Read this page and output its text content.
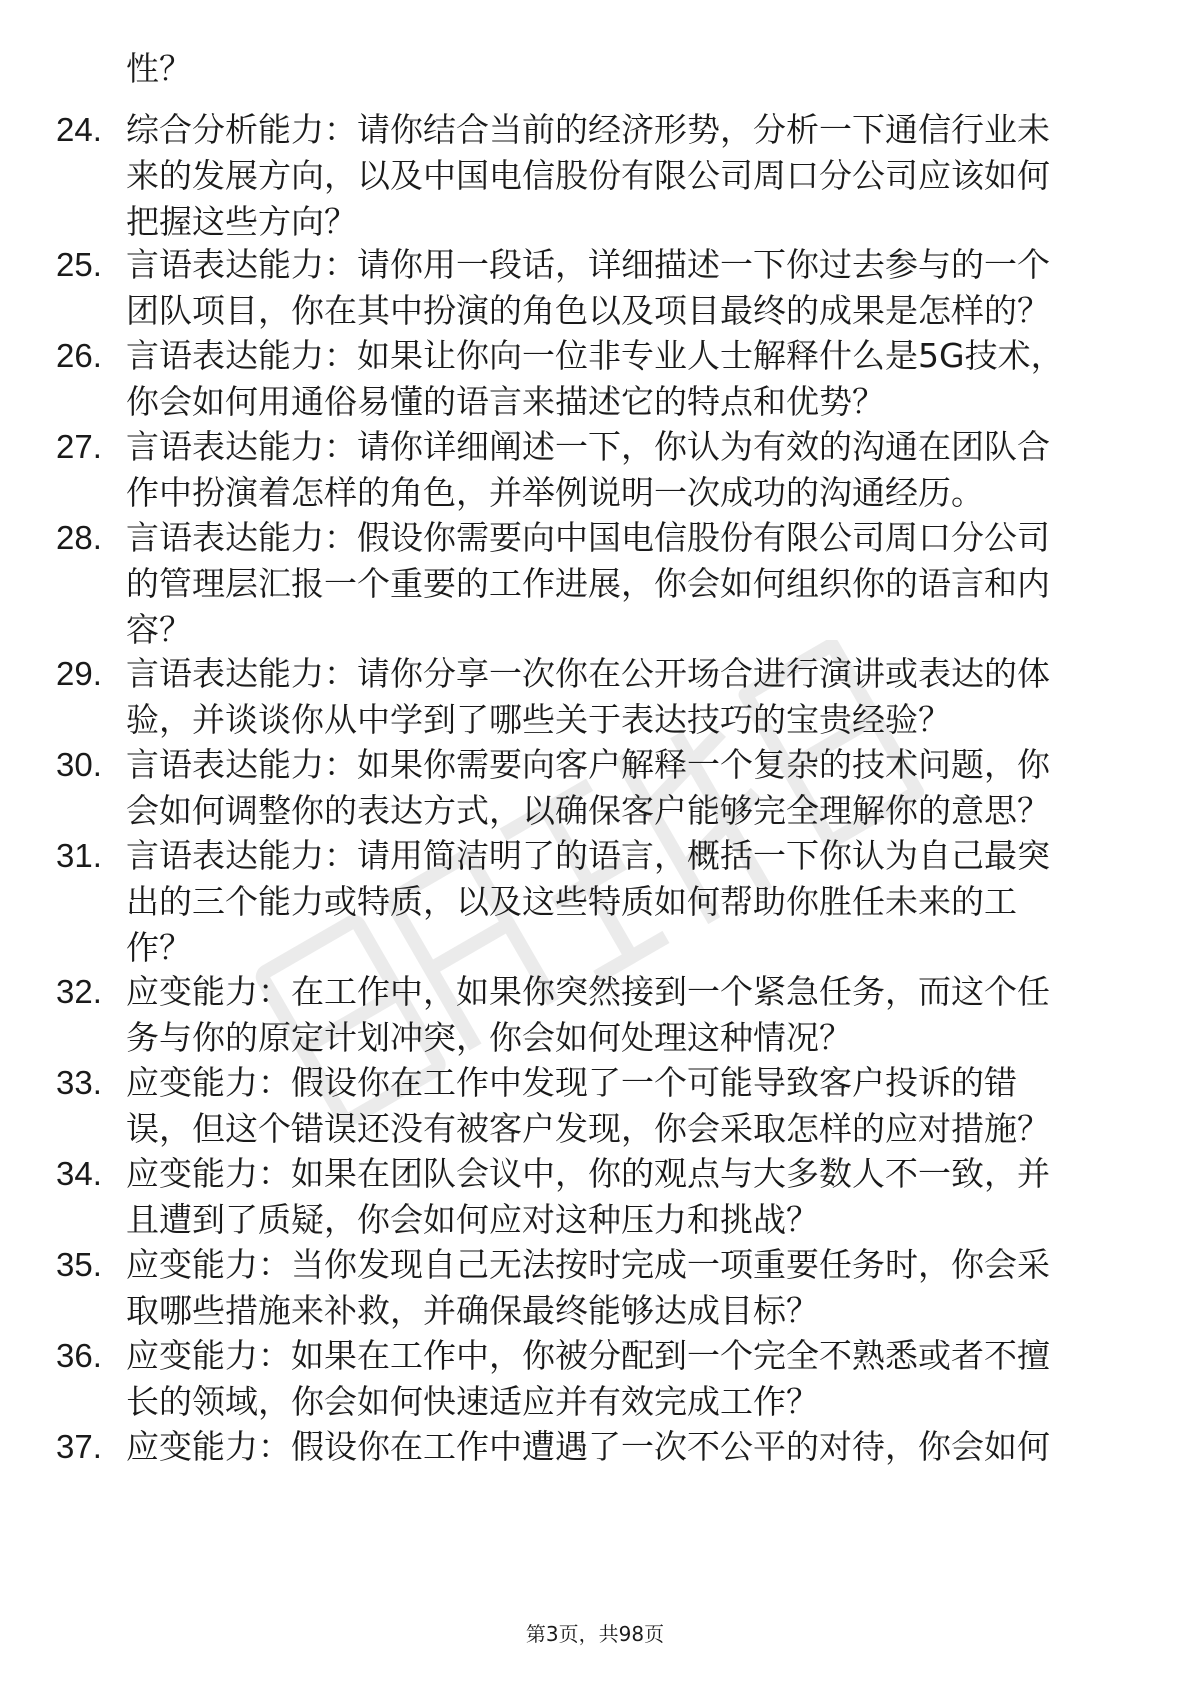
性？
24. 综合分析能力：请你结合当前的经济形势，分析一下通信行业未
来的发展方向，以及中国电信股份有限公司周口分公司应该如何
把握这些方向？
25. 言语表达能力：请你用一段话，详细描述一下你过去参与的一个
团队项目，你在其中扮演的角色以及项目最终的成果是怎样的？
26. 言语表达能力：如果让你向一位非专业人士解释什么是5G技术，
你会如何用通俗易懂的语言来描述它的特点和优势？
27. 言语表达能力：请你详细阐述一下，你认为有效的沟通在团队合
作中扮演着怎样的角色，并举例说明一次成功的沟通经历。
28. 言语表达能力：假设你需要向中国电信股份有限公司周口分公司
的管理层汇报一个重要的工作进展，你会如何组织你的语言和内
容？
29. 言语表达能力：请你分享一次你在公开场合进行演讲或表达的体
验，并谈谈你从中学到了哪些关于表达技巧的宝贵经验？
30. 言语表达能力：如果你需要向客户解释一个复杂的技术问题，你
会如何调整你的表达方式，以确保客户能够完全理解你的意思？
31. 言语表达能力：请用简洁明了的语言，概括一下你认为自己最突
出的三个能力或特质，以及这些特质如何帮助你胜任未来的工
作？
32. 应变能力：在工作中，如果你突然接到一个紧急任务，而这个任
务与你的原定计划冲突，你会如何处理这种情况？
33. 应变能力：假设你在工作中发现了一个可能导致客户投诉的错
误，但这个错误还没有被客户发现，你会采取怎样的应对措施？
34. 应变能力：如果在团队会议中，你的观点与大多数人不一致，并
且遭到了质疑，你会如何应对这种压力和挑战？
35. 应变能力：当你发现自己无法按时完成一项重要任务时，你会采
取哪些措施来补救，并确保最终能够达成目标？
36. 应变能力：如果在工作中，你被分配到一个完全不熟悉或者不擅
长的领域，你会如何快速适应并有效完成工作？
37. 应变能力：假设你在工作中遭遇了一次不公平的对待，你会如何
第3页，共98页
